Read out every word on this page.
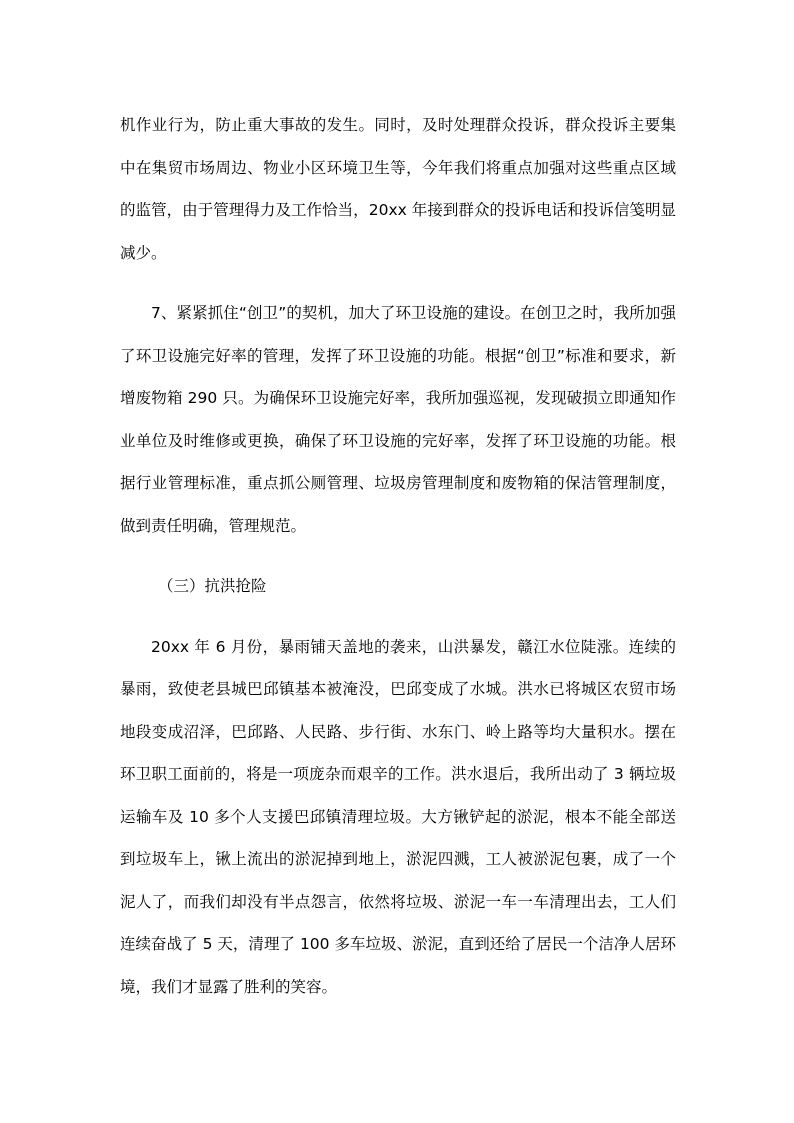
机作业行为，防止重大事故的发生。同时，及时处理群众投诉，群众投诉主要集中在集贸市场周边、物业小区环境卫生等，今年我们将重点加强对这些重点区域的监管，由于管理得力及工作恰当，20xx 年接到群众的投诉电话和投诉信笺明显减少。

7、紧紧抓住“创卫”的契机，加大了环卫设施的建设。在创卫之时，我所加强了环卫设施完好率的管理，发挥了环卫设施的功能。根据“创卫”标准和要求，新增废物箱 290 只。为确保环卫设施完好率，我所加强巡视，发现破损立即通知作业单位及时维修或更换，确保了环卫设施的完好率，发挥了环卫设施的功能。根据行业管理标准，重点抓公厕管理、垃圾房管理制度和废物箱的保洁管理制度，做到责任明确，管理规范。

（三）抗洪抢险

20xx 年 6 月份，暴雨铺天盖地的袭来，山洪暴发，赣江水位陡涨。连续的暴雨，致使老县城巴邱镇基本被淹没，巴邱变成了水城。洪水已将城区农贸市场地段变成沼泽，巴邱路、人民路、步行街、水东门、岭上路等均大量积水。摆在环卫职工面前的，将是一项庞杂而艰辛的工作。洪水退后，我所出动了 3 辆垃圾运输车及 10 多个人支援巴邱镇清理垃圾。大方锹铲起的淤泥，根本不能全部送到垃圾车上，锹上流出的淤泥掉到地上，淤泥四溅，工人被淤泥包裹，成了一个泥人了，而我们却没有半点怨言，依然将垃圾、淤泥一车一车清理出去，工人们连续奋战了 5 天，清理了 100 多车垃圾、淤泥，直到还给了居民一个洁净人居环境，我们才显露了胜利的笑容。
